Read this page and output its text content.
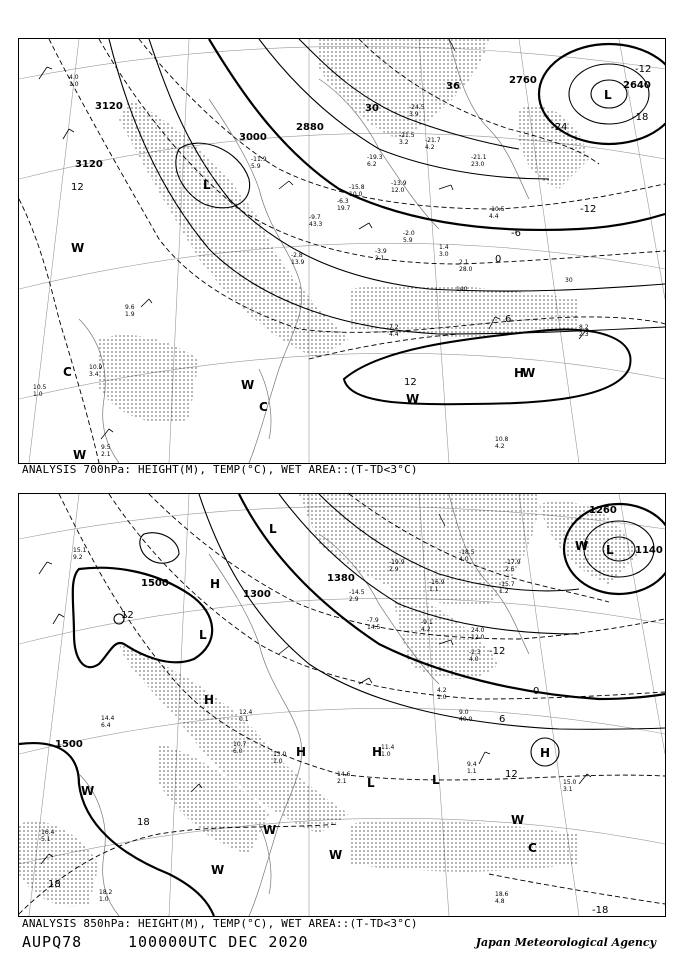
3120
3120
3000
2880
2760	2640
30
36
12
-12
-18
-24
-6
0
6
12
-12
L
L
H
W
W
W
C
W
C
W
140
30
-24.5
3.9
-21.5
3.2	-21.7
4.2
-19.3
6.2
-15.8
10.0
-13.9
12.0
-11.9
5.9
-9.7
43.3
-6.3
19.7
-2.8
13.9
-3.9
2.1
-2.0
5.9
2.1
28.0
1.4
3.0
-21.1
23.0
-10.5
4.4
7.2
4.4
8.2
2.3
10.8
4.2
9.6
1.9
10.9
3.4
9.5
2.1
4.0
1.0
10.5
1.0
ANALYSIS 700hPa: HEIGHT(M), TEMP(°C), WET AREA::(T-TD<3°C)
1500
1500
1380
1260
1140
1300
12
-12
0
6
12
18
-18
18
H
L
H
H
L	L
H
L
W
W
W
W
C
W
W
H
L
-19.9
2.9
-18.5
4.0	-17.9
2.6
-14.5
2.9
-16.9
1.1
-15.7
1.2
-9.1
4.2
-7.9
14.5
-2.3
4.0
24.0
12.0
9.0
40.0
4.2
1.0
11.4
1.0
10.7
6.0	13.0
1.0
14.6
2.1	15.0
3.1
18.6
4.8
18.2
1.0
16.4
5.1
14.4
6.4
15.1
9.2
12.4
0.1
9.4
1.1
ANALYSIS 850hPa: HEIGHT(M), TEMP(°C), WET AREA::(T-TD<3°C)
AUPQ78	100000UTC DEC 2020	Japan Meteorological Agency
